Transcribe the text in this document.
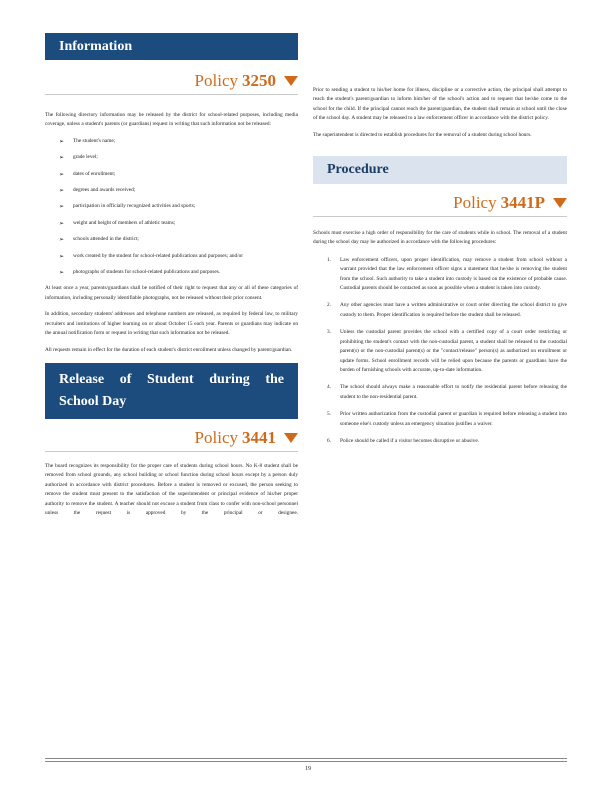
Information
Policy 3250

The following directory information may be released by the district for school-related purposes, including media coverage, unless a student's parents (or guardians) request in writing that such information not be released:

➢	The student's name;
➢	grade level;
➢	dates of enrollment;
➢	degrees and awards received;
➢	participation in officially recognized activities and sports;
➢	weight and height of members of athletic teams;
➢	schools attended in the district;
➢	work created by the student for school-related publications and purposes; and/or
➢	photographs of students for school-related publications and purposes.

At least once a year, parents/guardians shall be notified of their right to request that any or all of these categories of information, including personally identifiable photographs, not be released without their prior consent.

In addition, secondary students' addresses and telephone numbers are released, as required by federal law, to military recruiters and institutions of higher learning on or about October 15 each year. Parents or guardians may indicate on the annual notification form or request in writing that such information not be released.

All requests remain in effect for the duration of each student's district enrollment unless changed by parent/guardian.

Release of Student during the
School Day
Policy 3441

The board recognizes its responsibility for the proper care of students during school hours. No K-8 student shall be removed from school grounds, any school building or school function during school hours except by a person duly authorized in accordance with district procedures. Before a student is removed or excused, the person seeking to remove the student must present to the satisfaction of the superintendent or principal evidence of his/her proper authority to remove the student. A teacher should not excuse a student from class to confer with non-school personnel unless the request is approved by the principal or designee.

Prior to sending a student to his/her home for illness, discipline or a corrective action, the principal shall attempt to reach the student's parent/guardian to inform him/her of the school's action and to request that he/she come to the school for the child. If the principal cannot reach the parent/guardian, the student shall remain at school until the close of the school day. A student may be released to a law enforcement officer in accordance with the district policy.

The superintendent is directed to establish procedures for the removal of a student during school hours.

Procedure
Policy 3441P

Schools must exercise a high order of responsibility for the care of students while in school. The removal of a student during the school day may be authorized in accordance with the following procedures:

1.	Law enforcement officers, upon proper identification, may remove a student from school without a warrant provided that the law enforcement officer signs a statement that he/she is removing the student from the school. Such authority to take a student into custody is based on the existence of probable cause. Custodial parents should be contacted as soon as possible when a student is taken into custody.
2.	Any other agencies must have a written administrative or court order directing the school district to give custody to them. Proper identification is required before the student shall be released.
3.	Unless the custodial parent provides the school with a certified copy of a court order restricting or prohibiting the student's contact with the non-custodial parent, a student shall be released to the custodial parent(s) or the non-custodial parent(s) or the "contact/release" person(s) as authorized on enrollment or update forms. School enrollment records will be relied upon because the parents or guardians have the burden of furnishing schools with accurate, up-to-date information.
4.	The school should always make a reasonable effort to notify the residential parent before releasing the student to the non-residential parent.
5.	Prior written authorization from the custodial parent or guardian is required before releasing a student into someone else's custody unless an emergency situation justifies a waiver.
6.	Police should be called if a visitor becomes disruptive or abusive.
19
